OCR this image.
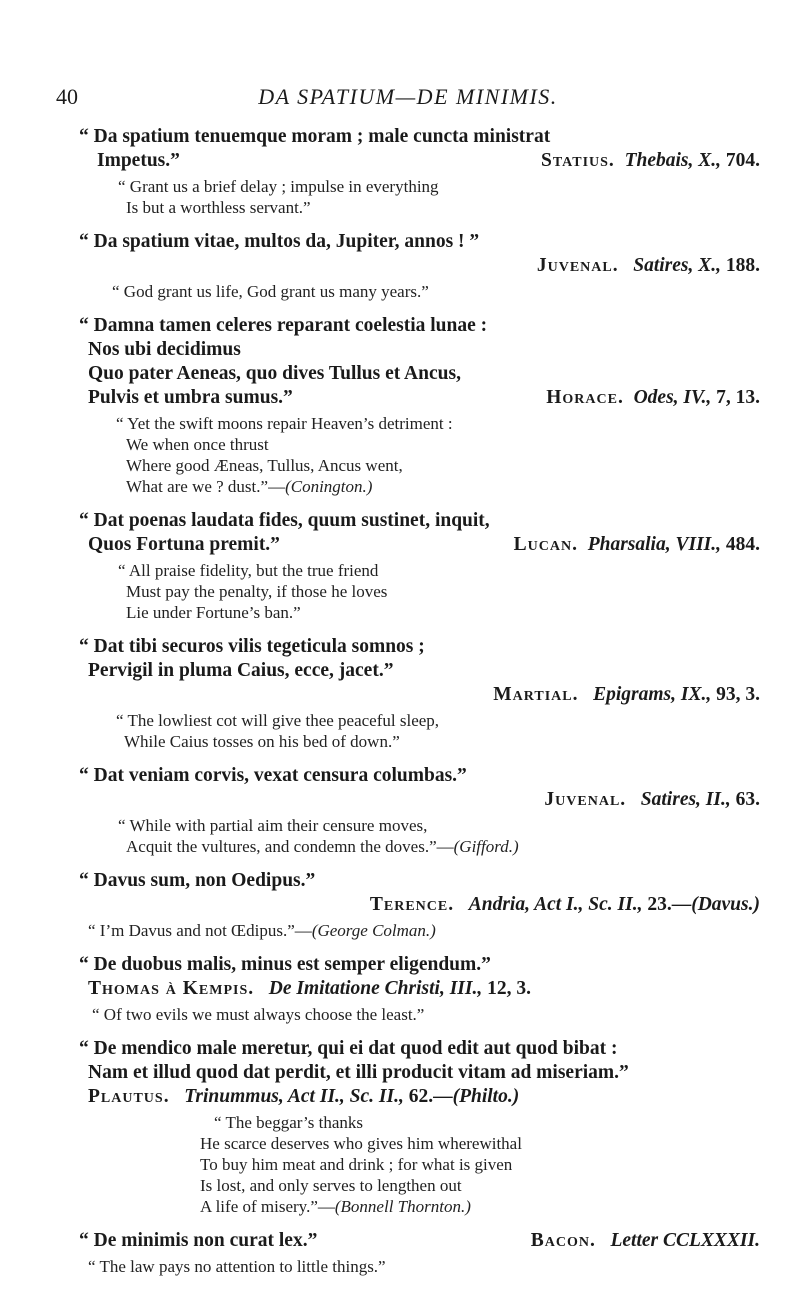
40	DA SPATIUM—DE MINIMIS.
“ Da spatium tenuemque moram ; male cuncta ministrat
Impetus.”	Statius. Thebais, X., 704.
“ Grant us a brief delay ; impulse in everything
Is but a worthless servant.”
“ Da spatium vitae, multos da, Jupiter, annos ! ”
Juvenal. Satires, X., 188.
“ God grant us life, God grant us many years.”
“ Damna tamen celeres reparant coelestia lunae :
Nos ubi decidimus
Quo pater Aeneas, quo dives Tullus et Ancus,
Pulvis et umbra sumus.”	Horace. Odes, IV., 7, 13.
“ Yet the swift moons repair Heaven’s detriment :
We when once thrust
Where good Æneas, Tullus, Ancus went,
What are we ? dust.”—(Conington.)
“ Dat poenas laudata fides, quum sustinet, inquit,
Quos Fortuna premit.”	Lucan. Pharsalia, VIII., 484.
“ All praise fidelity, but the true friend
Must pay the penalty, if those he loves
Lie under Fortune’s ban.”
“ Dat tibi securos vilis tegeticula somnos ;
Pervigil in pluma Caius, ecce, jacet.”
Martial. Epigrams, IX., 93, 3.
“ The lowliest cot will give thee peaceful sleep,
While Caius tosses on his bed of down.”
“ Dat veniam corvis, vexat censura columbas.”
Juvenal. Satires, II., 63.
“ While with partial aim their censure moves,
Acquit the vultures, and condemn the doves.”—(Gifford.)
“ Davus sum, non Oedipus.”
Terence. Andria, Act I., Sc. II., 23.—(Davus.)
“ I’m Davus and not Œdipus.”—(George Colman.)
“ De duobus malis, minus est semper eligendum.”
Thomas à Kempis. De Imitatione Christi, III., 12, 3.
“ Of two evils we must always choose the least.”
“ De mendico male meretur, qui ei dat quod edit aut quod bibat :
Nam et illud quod dat perdit, et illi producit vitam ad miseriam.”
Plautus. Trinummus, Act II., Sc. II., 62.—(Philto.)
“ The beggar’s thanks
He scarce deserves who gives him wherewithal
To buy him meat and drink ; for what is given
Is lost, and only serves to lengthen out
A life of misery.”—(Bonnell Thornton.)
“ De minimis non curat lex.”	Bacon. Letter CCLXXXII.
“ The law pays no attention to little things.”
